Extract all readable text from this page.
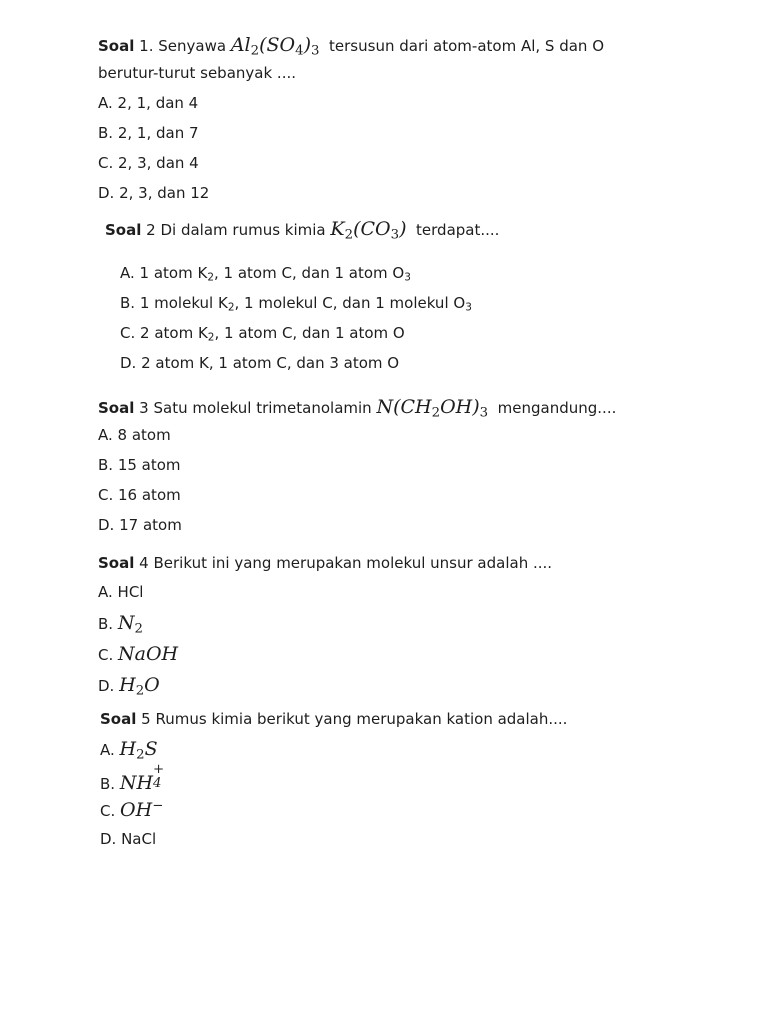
Soal 1. Senyawa $Al_2(SO_4)_3$ tersusun dari atom-atom Al, S dan O
berutur-turut sebanyak ....
A. 2, 1, dan 4
B. 2, 1, dan 7
C. 2, 3, dan 4
D. 2, 3, dan 12
Soal 2 Di dalam rumus kimia $K_2(CO_3)$ terdapat....
A. 1 atom $K_2$, 1 atom C, dan 1 atom $O_3$
B. 1 molekul $K_2$, 1 molekul C, dan 1 molekul $O_3$
C. 2 atom $K_2$, 1 atom C, dan 1 atom O
D. 2 atom K, 1 atom C, dan 3 atom O
Soal 3 Satu molekul trimetanolamin $N(CH_2OH)_3$ mengandung....
A. 8 atom
B. 15 atom
C. 16 atom
D. 17 atom
Soal 4 Berikut ini yang merupakan molekul unsur adalah ....
A. HCl
B. $N_2$
C. NaOH
D. $H_2O$
Soal 5 Rumus kimia berikut yang merupakan kation adalah....
A. $H_2S$
B. NH
+
4
C. OH−
D. NaCl
